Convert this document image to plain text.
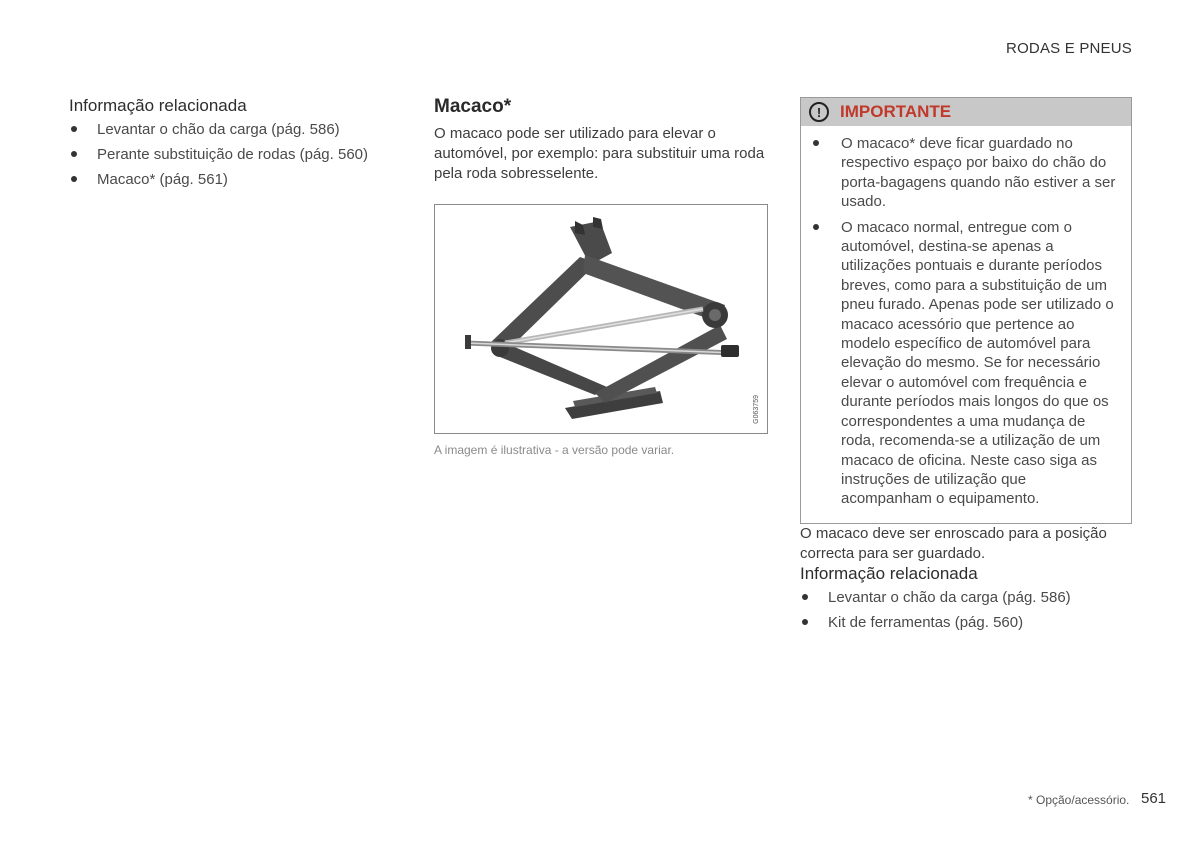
RODAS E PNEUS
Informação relacionada
Levantar o chão da carga (pág. 586)
Perante substituição de rodas (pág. 560)
Macaco* (pág. 561)
Macaco*

O macaco pode ser utilizado para elevar o automóvel, por exemplo: para substituir uma roda pela roda sobresselente.

G063759
A imagem é ilustrativa - a versão pode variar.
!	IMPORTANTE
O macaco* deve ficar guardado no respectivo espaço por baixo do chão do porta-bagagens quando não estiver a ser usado.
O macaco normal, entregue com o automóvel, destina-se apenas a utilizações pontuais e durante períodos breves, como para a substituição de um pneu furado. Apenas pode ser utilizado o macaco acessório que pertence ao modelo específico de automóvel para elevação do mesmo. Se for necessário elevar o automóvel com frequência e durante períodos mais longos do que os correspondentes a uma mudança de roda, recomenda-se a utilização de um macaco de oficina. Neste caso siga as instruções de utilização que acompanham o equipamento.

O macaco deve ser enroscado para a posição correcta para ser guardado.

Informação relacionada
Levantar o chão da carga (pág. 586)
Kit de ferramentas (pág. 560)
* Opção/acessório. 561
